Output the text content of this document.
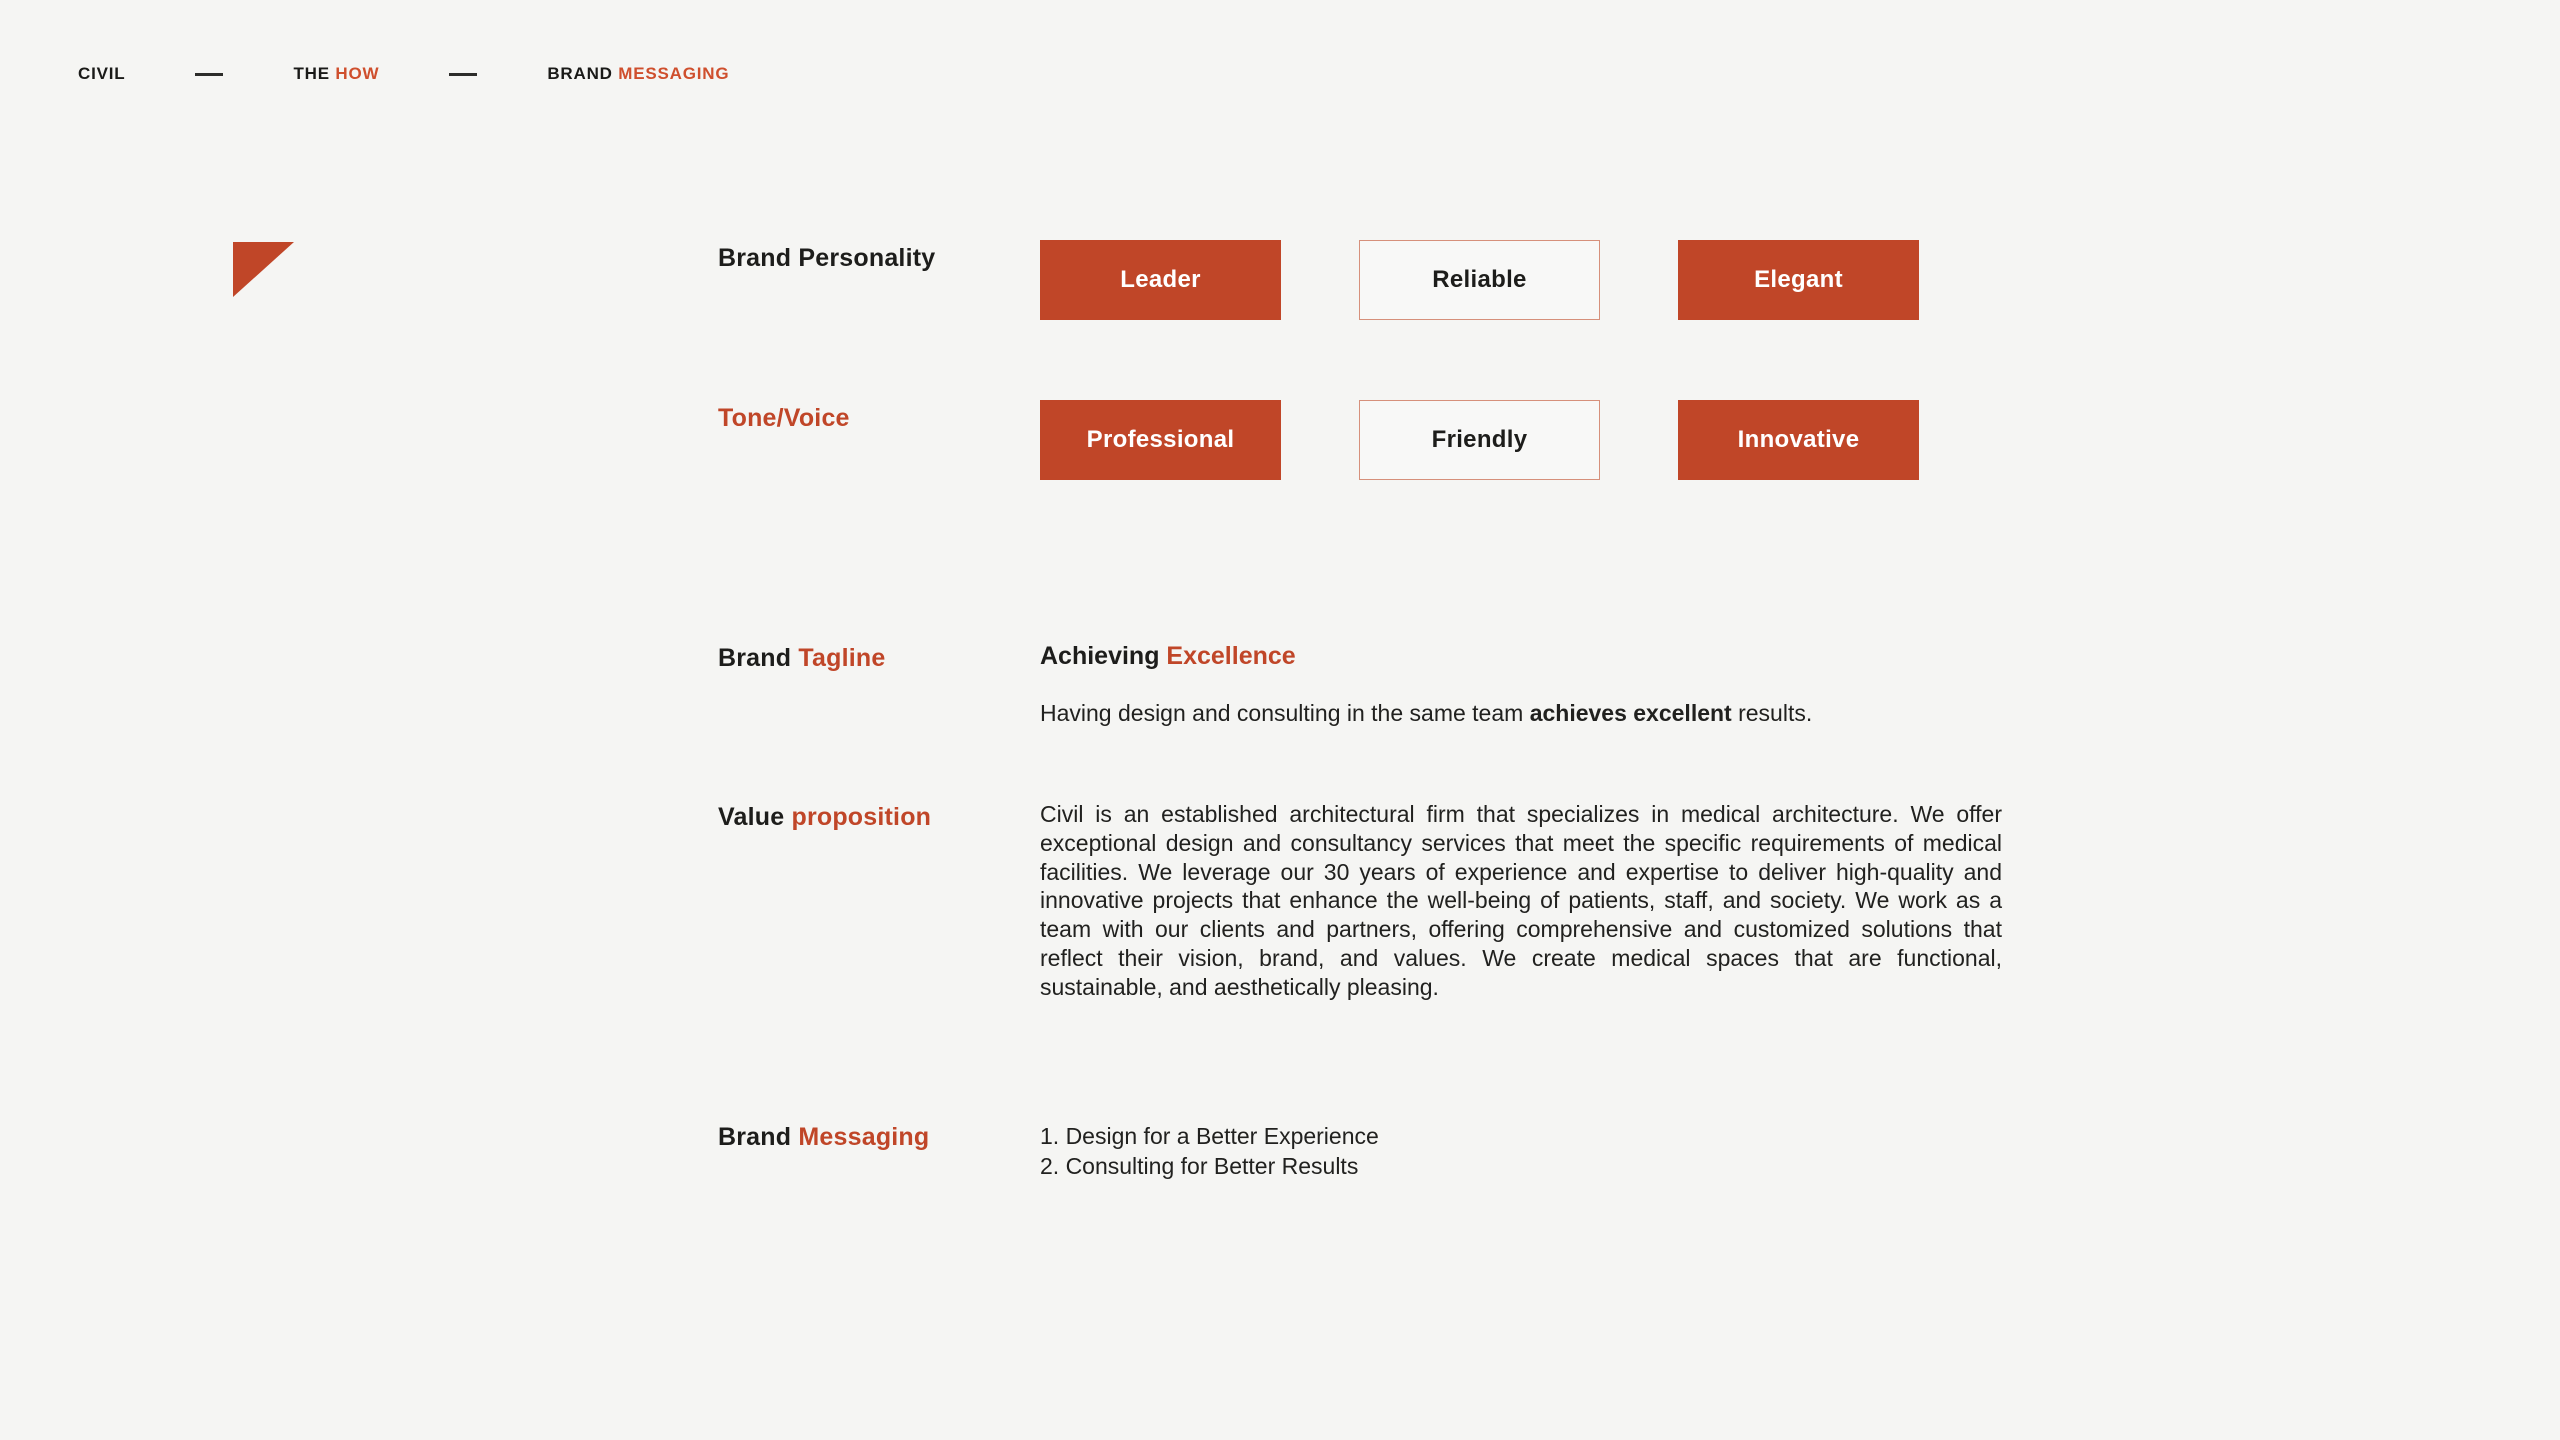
CIVIL	THE HOW	BRAND MESSAGING
Brand Personality
Leader	Reliable	Elegant
Tone/Voice
Professional	Friendly	Innovative
Brand Tagline	Achieving Excellence
Having design and consulting in the same team achieves excellent results.
Value proposition	Civil is an established architectural firm that specializes in medical architecture. We offer exceptional design and consultancy services that meet the specific requirements of medical facilities. We leverage our 30 years of experience and expertise to deliver high-quality and innovative projects that enhance the well-being of patients, staff, and society. We work as a team with our clients and partners, offering comprehensive and customized solutions that reflect their vision, brand, and values. We create medical spaces that are functional, sustainable, and aesthetically pleasing.
Brand Messaging	1. Design for a Better Experience
2. Consulting for Better Results
